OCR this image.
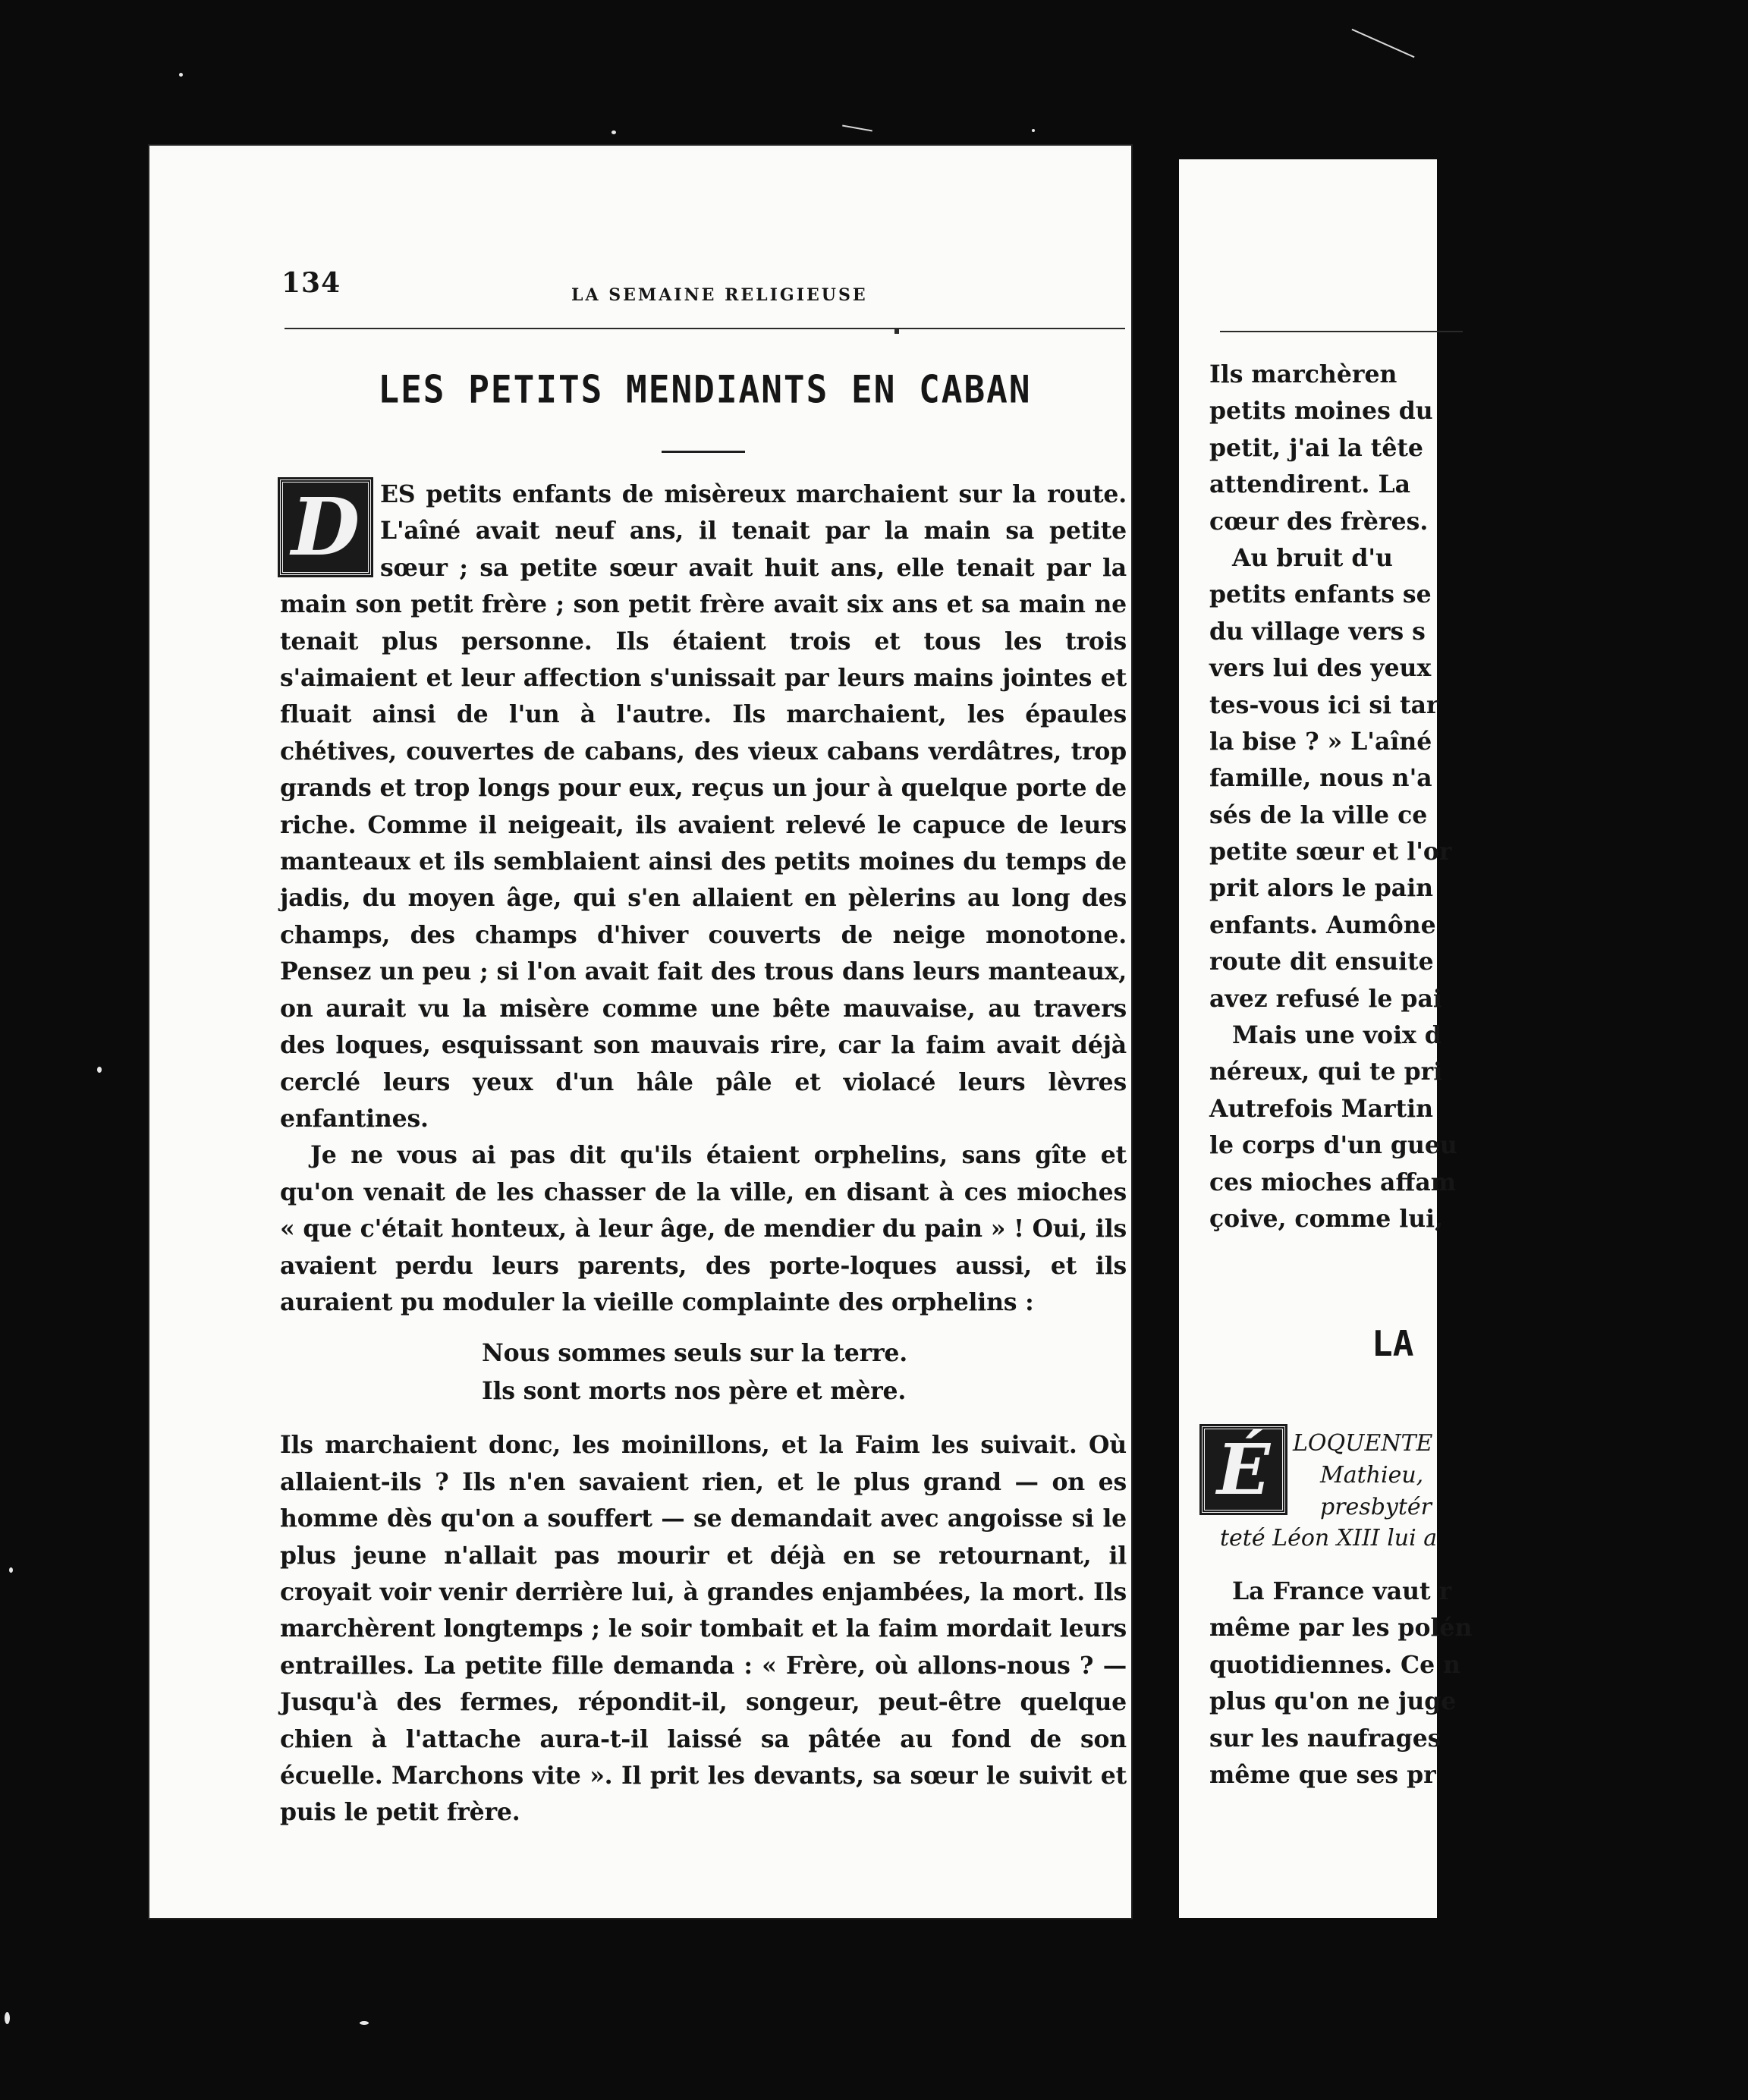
134	LA SEMAINE RELIGIEUSE
LES PETITS MENDIANTS EN CABAN
D ES petits enfants de misèreux marchaient sur la route. L'aîné avait neuf ans, il tenait par la main sa petite sœur ; sa petite sœur avait huit ans, elle tenait par la main son petit frère ; son petit frère avait six ans et sa main ne tenait plus personne. Ils étaient trois et tous les trois s'aimaient et leur affection s'unissait par leurs mains jointes et fluait ainsi de l'un à l'autre. Ils marchaient, les épaules chétives, couvertes de cabans, des vieux cabans verdâtres, trop grands et trop longs pour eux, reçus un jour à quelque porte de riche. Comme il neigeait, ils avaient relevé le capuce de leurs manteaux et ils semblaient ainsi des petits moines du temps de jadis, du moyen âge, qui s'en allaient en pèlerins au long des champs, des champs d'hiver couverts de neige monotone. Pensez un peu ; si l'on avait fait des trous dans leurs manteaux, on aurait vu la misère comme une bête mauvaise, au travers des loques, esquissant son mauvais rire, car la faim avait déjà cerclé leurs yeux d'un hâle pâle et violacé leurs lèvres enfantines.

Je ne vous ai pas dit qu'ils étaient orphelins, sans gîte et qu'on venait de les chasser de la ville, en disant à ces mioches « que c'était honteux, à leur âge, de mendier du pain » ! Oui, ils avaient perdu leurs parents, des porte-loques aussi, et ils auraient pu moduler la vieille complainte des orphelins :

Nous sommes seuls sur la terre.
Ils sont morts nos père et mère.

Ils marchaient donc, les moinillons, et la Faim les suivait. Où allaient-ils ? Ils n'en savaient rien, et le plus grand — on es homme dès qu'on a souffert — se demandait avec angoisse si le plus jeune n'allait pas mourir et déjà en se retournant, il croyait voir venir derrière lui, à grandes enjambées, la mort. Ils marchèrent longtemps ; le soir tombait et la faim mordait leurs entrailles. La petite fille demanda : « Frère, où allons-nous ? — Jusqu'à des fermes, répondit-il, songeur, peut-être quelque chien à l'attache aura-t-il laissé sa pâtée au fond de son écuelle. Marchons vite ». Il prit les devants, sa sœur le suivit et puis le petit frère.

Ils marchèren
petits moines du
petit, j'ai la tête
attendirent. La
cœur des frères.
Au bruit d'u
petits enfants se
du village vers s
vers lui des yeux
tes-vous ici si tar
la bise ? » L'aîné
famille, nous n'a
sés de la ville ce
petite sœur et l'or
prit alors le pain
enfants. Aumône
route dit ensuite
avez refusé le pai
Mais une voix d
néreux, qui te pri
Autrefois Martin
le corps d'un gueu
ces mioches affam
çoive, comme lui,
LA
É LOQUENTE
Mathieu,
presbytér
teté Léon XIII lui a
La France vaut r
même par les polén
quotidiennes. Ce n
plus qu'on ne juge
sur les naufrages
même que ses pr
